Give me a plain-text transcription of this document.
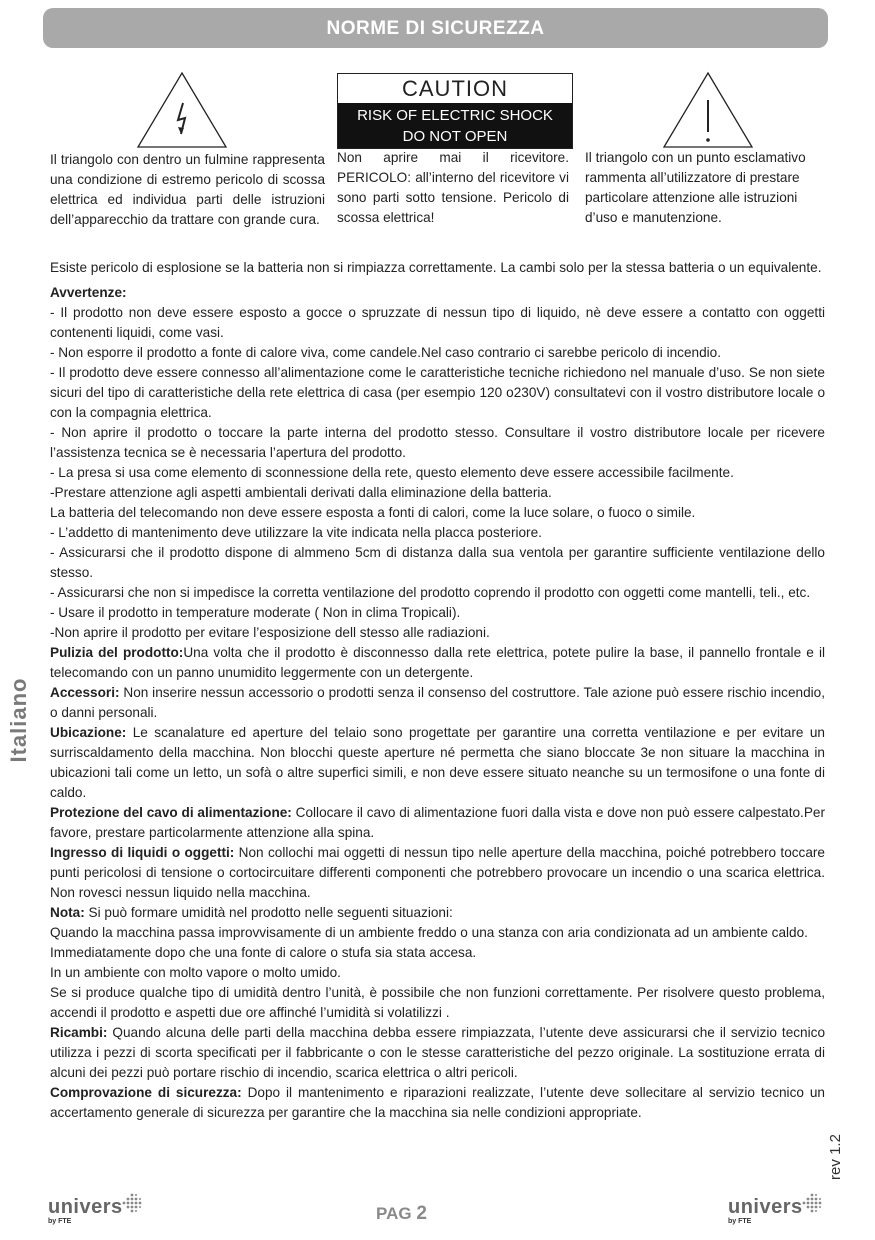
NORME DI SICUREZZA
CAUTION
RISK OF ELECTRIC SHOCK
DO NOT OPEN
Il triangolo con dentro un fulmine rappresenta una condizione di estremo pericolo di scossa elettrica ed individua parti delle istruzioni dell’apparecchio da trattare con grande cura.
Non aprire mai il ricevitore. PERICOLO: all’interno del ricevitore vi sono parti sotto tensione. Pericolo di scossa elettrica!
Il triangolo con un punto esclamativo rammenta all’utilizzatore di prestare particolare attenzione alle istruzioni d’uso e manutenzione.

Esiste pericolo di esplosione se la batteria non si rimpiazza correttamente. La cambi solo per la stessa batteria o un equivalente.

Avvertenze:

- Il prodotto non deve essere esposto a gocce o spruzzate di nessun tipo di liquido, nè deve essere a contatto con oggetti contenenti liquidi, come vasi.

- Non esporre il prodotto a fonte di calore viva, come candele.Nel caso contrario ci sarebbe pericolo di incendio.

- Il prodotto deve essere connesso all’alimentazione come le caratteristiche tecniche richiedono nel manuale d’uso. Se non siete sicuri del tipo di caratteristiche della rete elettrica di casa (per esempio 120 o230V) consultatevi con il vostro distributore locale o con la compagnia elettrica.

- Non aprire il prodotto o toccare la parte interna del prodotto stesso. Consultare il vostro distributore locale per ricevere l’assistenza tecnica se è necessaria l’apertura del prodotto.

- La presa si usa come elemento di sconnessione della rete, questo elemento deve essere accessibile facilmente.

-Prestare attenzione agli aspetti ambientali derivati dalla eliminazione della batteria.

La batteria del telecomando non deve essere esposta a fonti di calori, come la luce solare, o fuoco o simile.

- L’addetto di mantenimento deve utilizzare la vite indicata nella placca posteriore.

- Assicurarsi che il prodotto dispone di almmeno 5cm di distanza dalla sua ventola per garantire sufficiente ventilazione dello stesso.

- Assicurarsi che non si impedisce la corretta ventilazione del prodotto coprendo il prodotto con oggetti come mantelli, teli., etc.

- Usare il prodotto in temperature moderate ( Non in clima Tropicali).

-Non aprire il prodotto per evitare l’esposizione dell stesso alle radiazioni.

Pulizia del prodotto:Una volta che il prodotto è disconnesso dalla rete elettrica, potete pulire la base, il pannello frontale e il telecomando con un panno unumidito leggermente con un detergente.

Accessori: Non inserire nessun accessorio o prodotti senza il consenso del costruttore. Tale azione può essere rischio incendio, o danni personali.

Ubicazione: Le scanalature ed aperture del telaio sono progettate per garantire una corretta ventilazione e per evitare un surriscaldamento della macchina. Non blocchi queste aperture né permetta che siano bloccate 3e non situare la macchina in ubicazioni tali come un letto, un sofà o altre superfici simili, e non deve essere situato neanche su un termosifone o una fonte di caldo.

Protezione del cavo di alimentazione: Collocare il cavo di alimentazione fuori dalla vista e dove non può essere calpestato.Per favore, prestare particolarmente attenzione alla spina.

Ingresso di liquidi o oggetti: Non collochi mai oggetti di nessun tipo nelle aperture della macchina, poiché potrebbero toccare punti pericolosi di tensione o cortocircuitare differenti componenti che potrebbero provocare un incendio o una scarica elettrica. Non rovesci nessun liquido nella macchina.

Nota: Si può formare umidità nel prodotto nelle seguenti situazioni:

Quando la macchina passa improvvisamente di un ambiente freddo o una stanza con aria condizionata ad un ambiente caldo.

Immediatamente dopo che una fonte di calore o stufa sia stata accesa.

In un ambiente con molto vapore o molto umido.

Se si produce qualche tipo di umidità dentro l’unità, è possibile che non funzioni correttamente. Per risolvere questo problema, accendi il prodotto e aspetti due ore affinché l’umidità si volatilizzi .

Ricambi: Quando alcuna delle parti della macchina debba essere rimpiazzata, l’utente deve assicurarsi che il servizio tecnico utilizza i pezzi di scorta specificati per il fabbricante o con le stesse caratteristiche del pezzo originale. La sostituzione errata di alcuni dei pezzi può portare rischio di incendio, scarica elettrica o altri pericoli.

Comprovazione di sicurezza: Dopo il mantenimento e riparazioni realizzate, l’utente deve sollecitare al servizio tecnico un accertamento generale di sicurezza per garantire che la macchina sia nelle condizioni appropriate.

Italiano
rev 1.2
PAG 2
univers
by FTE
univers
by FTE
